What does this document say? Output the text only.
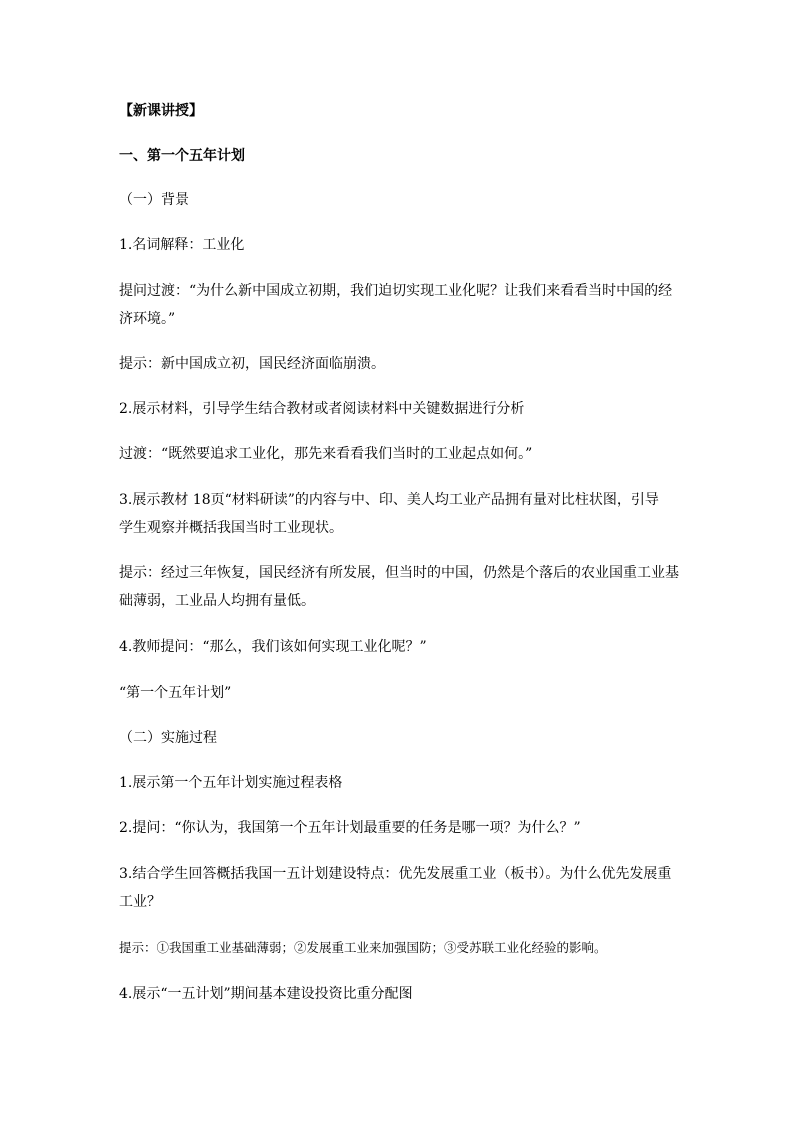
【新课讲授】
一、第一个五年计划
（一）背景
1.名词解释：工业化
提问过渡：“为什么新中国成立初期，我们迫切实现工业化呢？让我们来看看当时中国的经
济环境。”
提示：新中国成立初，国民经济面临崩溃。
2.展示材料，引导学生结合教材或者阅读材料中关键数据进行分析
过渡：“既然要追求工业化，那先来看看我们当时的工业起点如何。”
3.展示教材 18页“材料研读”的内容与中、印、美人均工业产品拥有量对比柱状图，引导
学生观察并概括我国当时工业现状。
提示：经过三年恢复，国民经济有所发展，但当时的中国，仍然是个落后的农业国重工业基
础薄弱，工业品人均拥有量低。
4.教师提问：“那么，我们该如何实现工业化呢？”
“第一个五年计划”
（二）实施过程
1.展示第一个五年计划实施过程表格
2.提问：“你认为，我国第一个五年计划最重要的任务是哪一项？为什么？”
3.结合学生回答概括我国一五计划建设特点：优先发展重工业（板书）。为什么优先发展重
工业？
提示：①我国重工业基础薄弱；②发展重工业来加强国防；③受苏联工业化经验的影响。
4.展示“一五计划”期间基本建设投资比重分配图
